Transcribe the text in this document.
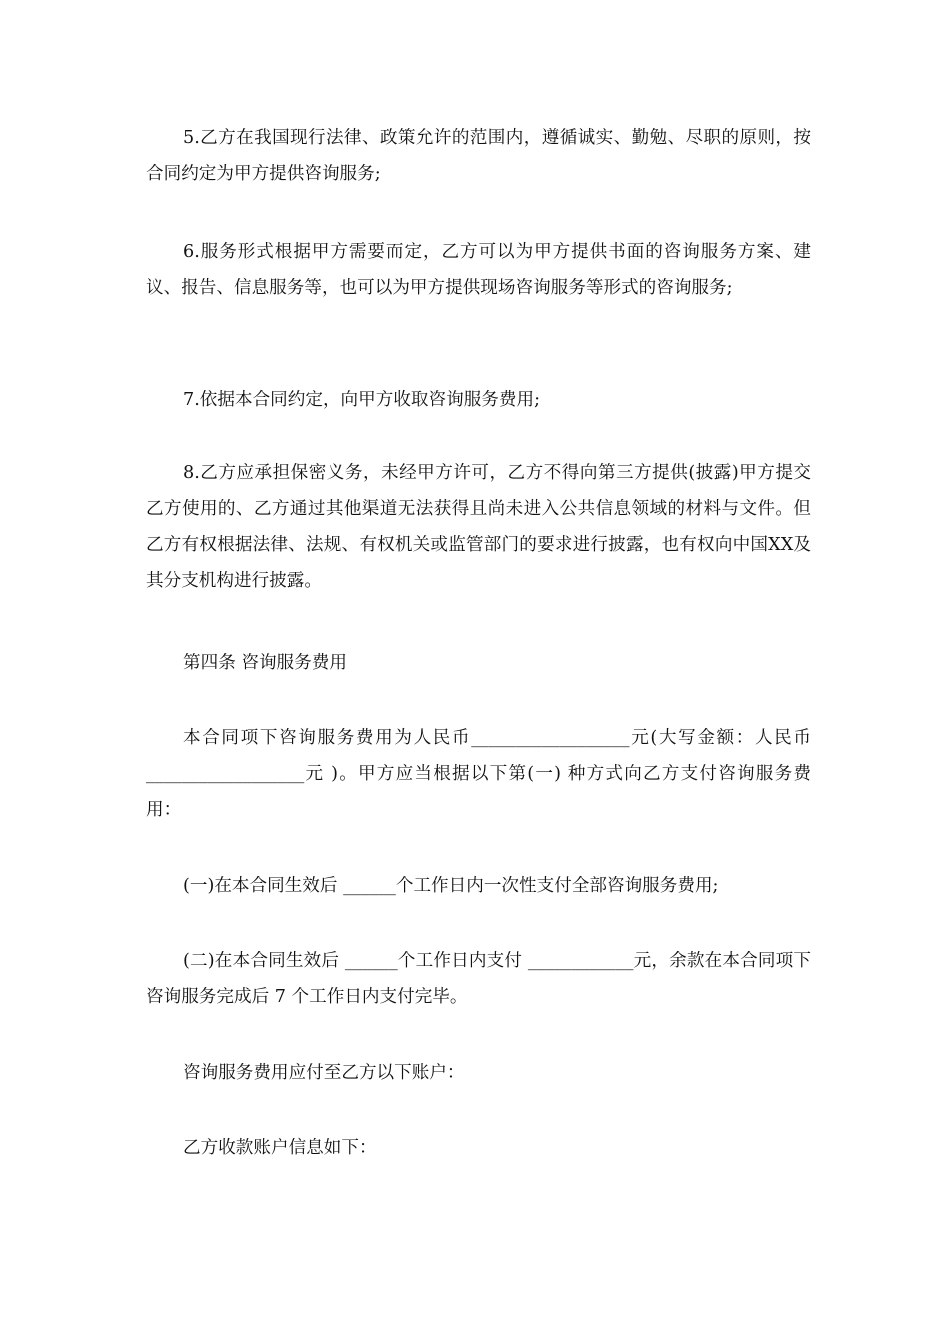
5.乙方在我国现行法律、政策允许的范围内，遵循诚实、勤勉、尽职的原则，按合同约定为甲方提供咨询服务;

6.服务形式根据甲方需要而定，乙方可以为甲方提供书面的咨询服务方案、建议、报告、信息服务等，也可以为甲方提供现场咨询服务等形式的咨询服务;

7.依据本合同约定，向甲方收取咨询服务费用;

8.乙方应承担保密义务，未经甲方许可，乙方不得向第三方提供(披露)甲方提交乙方使用的、乙方通过其他渠道无法获得且尚未进入公共信息领域的材料与文件。但乙方有权根据法律、法规、有权机关或监管部门的要求进行披露，也有权向中国XX及其分支机构进行披露。

第四条 咨询服务费用

本合同项下咨询服务费用为人民币__________________元(大写金额：人民币__________________元 )。甲方应当根据以下第(一) 种方式向乙方支付咨询服务费用：

(一)在本合同生效后 ______个工作日内一次性支付全部咨询服务费用;

(二)在本合同生效后 ______个工作日内支付 ____________元，余款在本合同项下咨询服务完成后 7 个工作日内支付完毕。

咨询服务费用应付至乙方以下账户：

乙方收款账户信息如下：
